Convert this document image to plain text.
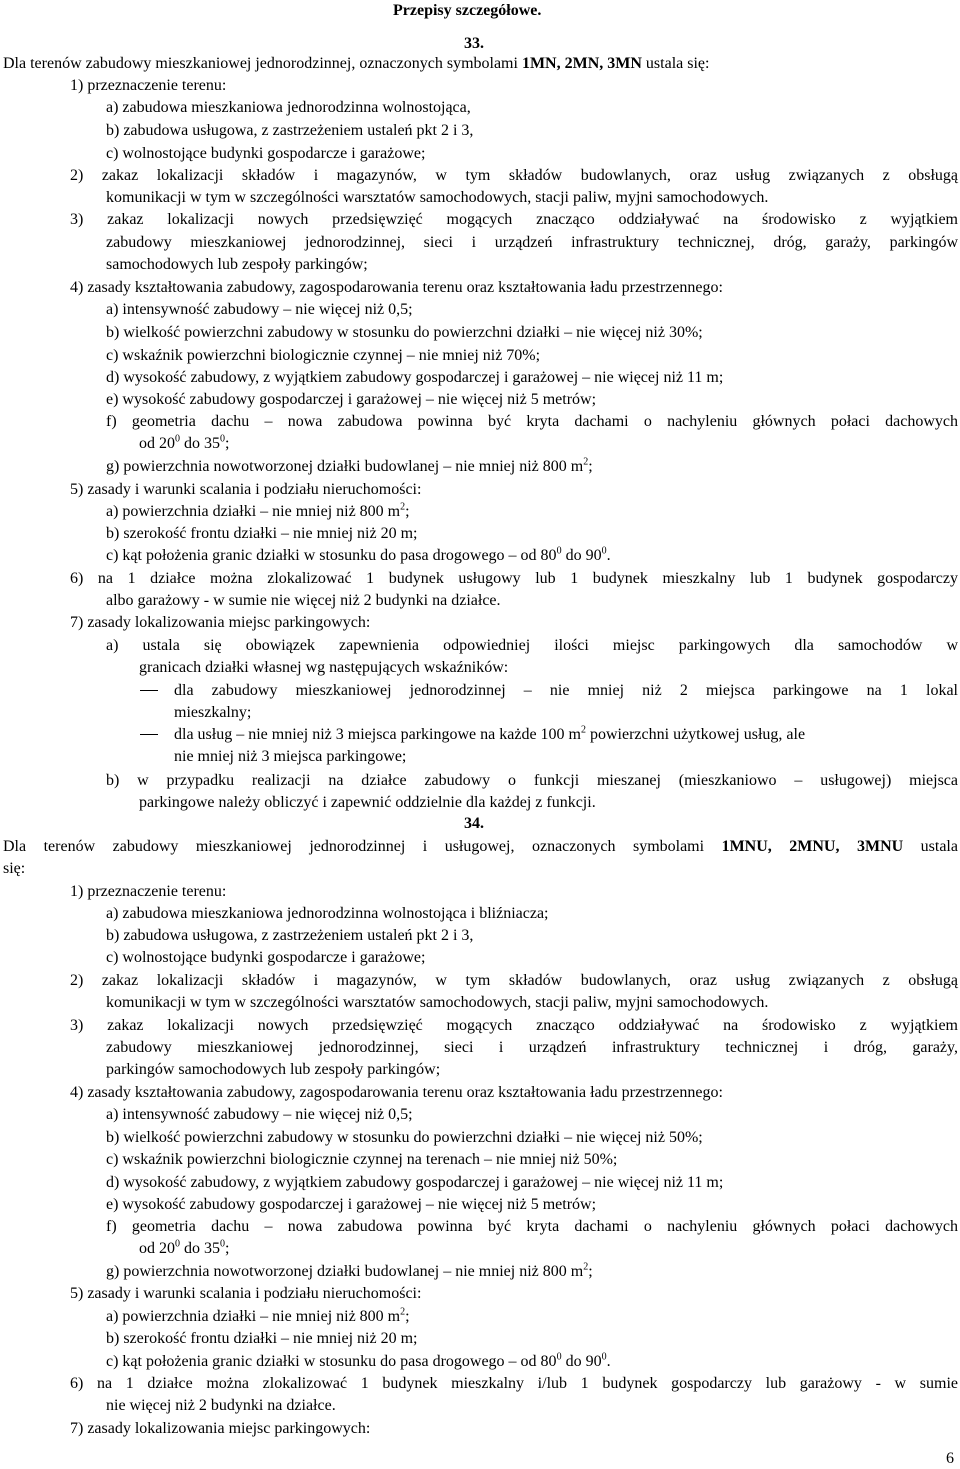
Przepisy szczegółowe.
33.
Dla terenów zabudowy mieszkaniowej jednorodzinnej, oznaczonych symbolami 1MN, 2MN, 3MN ustala się:
1) przeznaczenie terenu:
a) zabudowa mieszkaniowa jednorodzinna wolnostojąca,
b) zabudowa usługowa, z zastrzeżeniem ustaleń pkt 2 i 3,
c) wolnostojące budynki gospodarcze i garażowe;
2) zakaz lokalizacji składów i magazynów, w tym składów budowlanych, oraz usług związanych z obsługą
komunikacji w tym w szczególności warsztatów samochodowych, stacji paliw, myjni samochodowych.
3) zakaz lokalizacji nowych przedsięwzięć mogących znacząco oddziaływać na środowisko z wyjątkiem
zabudowy mieszkaniowej jednorodzinnej, sieci i urządzeń infrastruktury technicznej, dróg, garaży, parkingów
samochodowych lub zespoły parkingów;
4) zasady kształtowania zabudowy, zagospodarowania terenu oraz kształtowania ładu przestrzennego:
a) intensywność zabudowy – nie więcej niż 0,5;
b) wielkość powierzchni zabudowy w stosunku do powierzchni działki – nie więcej niż 30%;
c) wskaźnik powierzchni biologicznie czynnej – nie mniej niż 70%;
d) wysokość zabudowy, z wyjątkiem zabudowy gospodarczej i garażowej – nie więcej niż 11 m;
e) wysokość zabudowy gospodarczej i garażowej – nie więcej niż 5 metrów;
f) geometria dachu – nowa zabudowa powinna być kryta dachami o nachyleniu głównych połaci dachowych
od $20^0$ do $35^0$;
g) powierzchnia nowotworzonej działki budowlanej – nie mniej niż 800 $m^2$;
5) zasady i warunki scalania i podziału nieruchomości:
a) powierzchnia działki – nie mniej niż 800 $m^2$;
b) szerokość frontu działki – nie mniej niż 20 m;
c) kąt położenia granic działki w stosunku do pasa drogowego – od $80^0$ do $90^0$.
6) na 1 działce można zlokalizować 1 budynek usługowy lub 1 budynek mieszkalny lub 1 budynek gospodarczy
albo garażowy - w sumie nie więcej niż 2 budynki na działce.
7) zasady lokalizowania miejsc parkingowych:
a) ustala się obowiązek zapewnienia odpowiedniej ilości miejsc parkingowych dla samochodów w
granicach działki własnej wg następujących wskaźników:
dla zabudowy mieszkaniowej jednorodzinnej – nie mniej niż 2 miejsca parkingowe na 1 lokal
mieszkalny;
dla usług – nie mniej niż 3 miejsca parkingowe na każde 100 $m^2$ powierzchni użytkowej usług, ale
nie mniej niż 3 miejsca parkingowe;
b) w przypadku realizacji na działce zabudowy o funkcji mieszanej (mieszkaniowo – usługowej) miejsca
parkingowe należy obliczyć i zapewnić oddzielnie dla każdej z funkcji.
34.
Dla terenów zabudowy mieszkaniowej jednorodzinnej i usługowej, oznaczonych symbolami 1MNU, 2MNU, 3MNU ustala
się:
1) przeznaczenie terenu:
a) zabudowa mieszkaniowa jednorodzinna wolnostojąca i bliźniacza;
b) zabudowa usługowa, z zastrzeżeniem ustaleń pkt 2 i 3,
c) wolnostojące budynki gospodarcze i garażowe;
2) zakaz lokalizacji składów i magazynów, w tym składów budowlanych, oraz usług związanych z obsługą
komunikacji w tym w szczególności warsztatów samochodowych, stacji paliw, myjni samochodowych.
3) zakaz lokalizacji nowych przedsięwzięć mogących znacząco oddziaływać na środowisko z wyjątkiem
zabudowy mieszkaniowej jednorodzinnej, sieci i urządzeń infrastruktury technicznej i dróg, garaży,
parkingów samochodowych lub zespoły parkingów;
4) zasady kształtowania zabudowy, zagospodarowania terenu oraz kształtowania ładu przestrzennego:
a) intensywność zabudowy – nie więcej niż 0,5;
b) wielkość powierzchni zabudowy w stosunku do powierzchni działki – nie więcej niż 50%;
c) wskaźnik powierzchni biologicznie czynnej na terenach – nie mniej niż 50%;
d) wysokość zabudowy, z wyjątkiem zabudowy gospodarczej i garażowej – nie więcej niż 11 m;
e) wysokość zabudowy gospodarczej i garażowej – nie więcej niż 5 metrów;
f) geometria dachu – nowa zabudowa powinna być kryta dachami o nachyleniu głównych połaci dachowych
od $20^0$ do $35^0$;
g) powierzchnia nowotworzonej działki budowlanej – nie mniej niż 800 $m^2$;
5) zasady i warunki scalania i podziału nieruchomości:
a) powierzchnia działki – nie mniej niż 800 $m^2$;
b) szerokość frontu działki – nie mniej niż 20 m;
c) kąt położenia granic działki w stosunku do pasa drogowego – od $80^0$ do $90^0$.
6) na 1 działce można zlokalizować 1 budynek mieszkalny i/lub 1 budynek gospodarczy lub garażowy - w sumie
nie więcej niż 2 budynki na działce.
7) zasady lokalizowania miejsc parkingowych:
6
